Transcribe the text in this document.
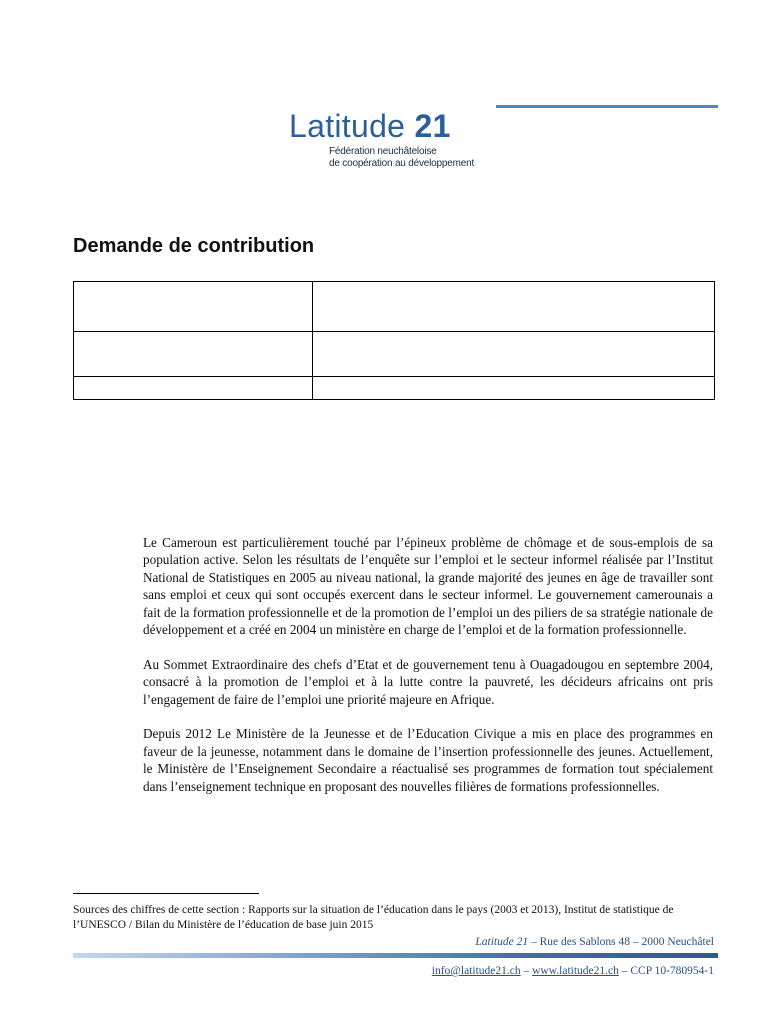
Latitude 21
Fédération neuchâteloise
de coopération au développement
Demande de contribution

Le Cameroun est particulièrement touché par l’épineux problème de chômage et de sous-emplois de sa population active. Selon les résultats de l’enquête sur l’emploi et le secteur informel réalisée par l’Institut National de Statistiques en 2005 au niveau national, la grande majorité des jeunes en âge de travailler sont sans emploi et ceux qui sont occupés exercent dans le secteur informel. Le gouvernement camerounais a fait de la formation professionnelle et de la promotion de l’emploi un des piliers de sa stratégie nationale de développement et a créé en 2004 un ministère en charge de l’emploi et de la formation professionnelle.

Au Sommet Extraordinaire des chefs d’Etat et de gouvernement tenu à Ouagadougou en septembre 2004, consacré à la promotion de l’emploi et à la lutte contre la pauvreté, les décideurs africains ont pris l’engagement de faire de l’emploi une priorité majeure en Afrique.

Depuis 2012 Le Ministère de la Jeunesse et de l’Education Civique a mis en place des programmes en faveur de la jeunesse, notamment dans le domaine de l’insertion professionnelle des jeunes. Actuellement, le Ministère de l’Enseignement Secondaire a réactualisé ses programmes de formation tout spécialement dans l’enseignement technique en proposant des nouvelles filières de formations professionnelles.

Sources des chiffres de cette section : Rapports sur la situation de l’éducation dans le pays (2003 et 2013), Institut de statistique de l’UNESCO / Bilan du Ministère de l’éducation de base juin 2015
Latitude 21 – Rue des Sablons 48 – 2000 Neuchâtel
info@latitude21.ch – www.latitude21.ch – CCP 10-780954-1
